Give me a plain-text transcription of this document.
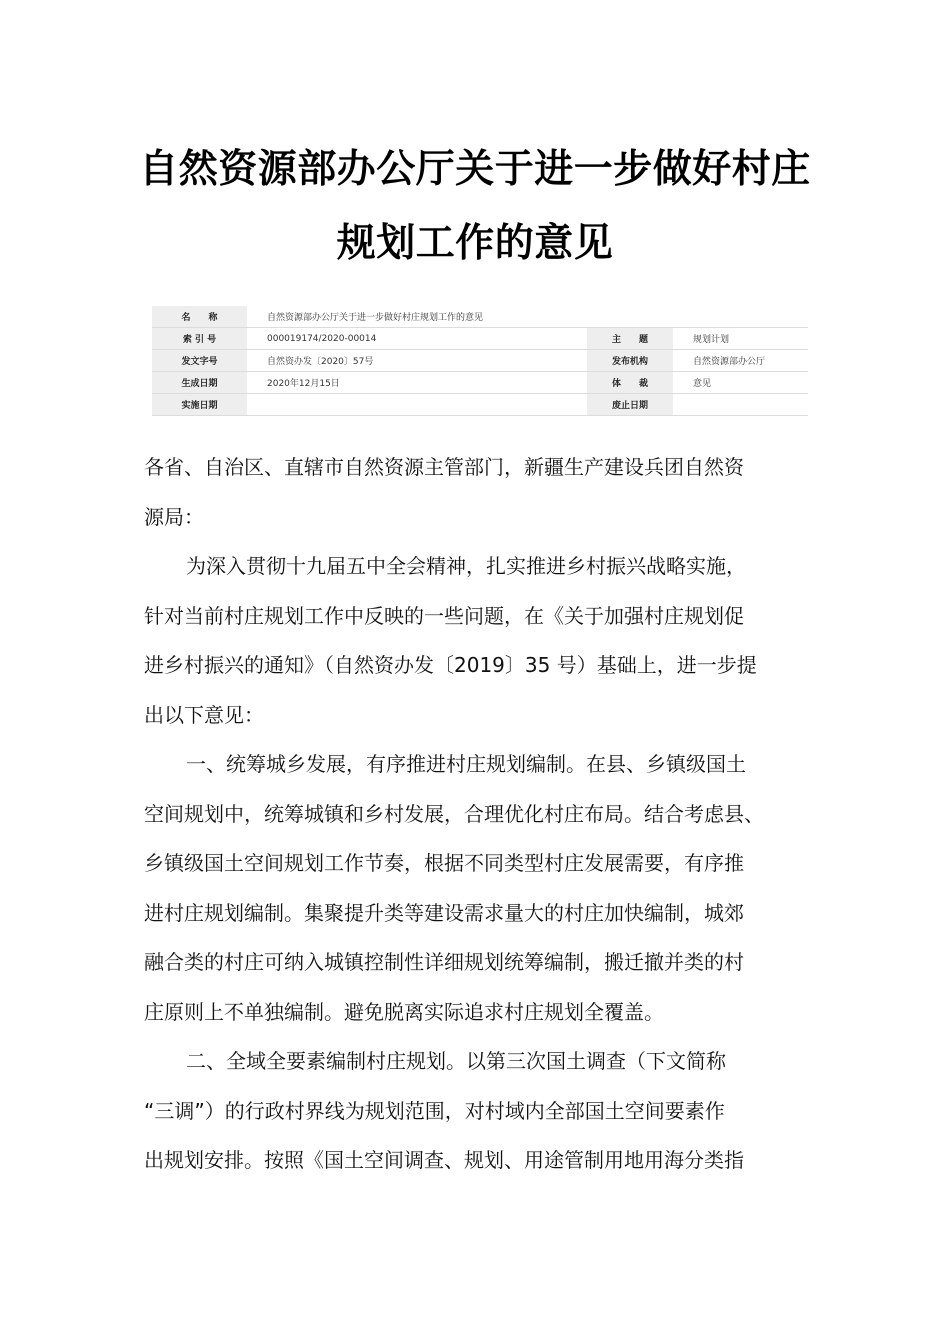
自然资源部办公厅关于进一步做好村庄
规划工作的意见
名　　称	自然资源部办公厅关于进一步做好村庄规划工作的意见		
索 引 号	000019174/2020-00014	主　　题	规划计划
发文字号	自然资办发〔2020〕57号	发布机构	自然资源部办公厅
生成日期	2020年12月15日	体　　裁	意见
实施日期		废止日期	

各省、自治区、直辖市自然资源主管部门，新疆生产建设兵团自然资
源局：

为深入贯彻十九届五中全会精神，扎实推进乡村振兴战略实施，
针对当前村庄规划工作中反映的一些问题，在《关于加强村庄规划促
进乡村振兴的通知》（自然资办发〔2019〕35 号）基础上，进一步提
出以下意见：

一、统筹城乡发展，有序推进村庄规划编制。在县、乡镇级国土
空间规划中，统筹城镇和乡村发展，合理优化村庄布局。结合考虑县、
乡镇级国土空间规划工作节奏，根据不同类型村庄发展需要，有序推
进村庄规划编制。集聚提升类等建设需求量大的村庄加快编制，城郊
融合类的村庄可纳入城镇控制性详细规划统筹编制，搬迁撤并类的村
庄原则上不单独编制。避免脱离实际追求村庄规划全覆盖。

二、全域全要素编制村庄规划。以第三次国土调查（下文简称
“三调”）的行政村界线为规划范围，对村域内全部国土空间要素作
出规划安排。按照《国土空间调查、规划、用途管制用地用海分类指
